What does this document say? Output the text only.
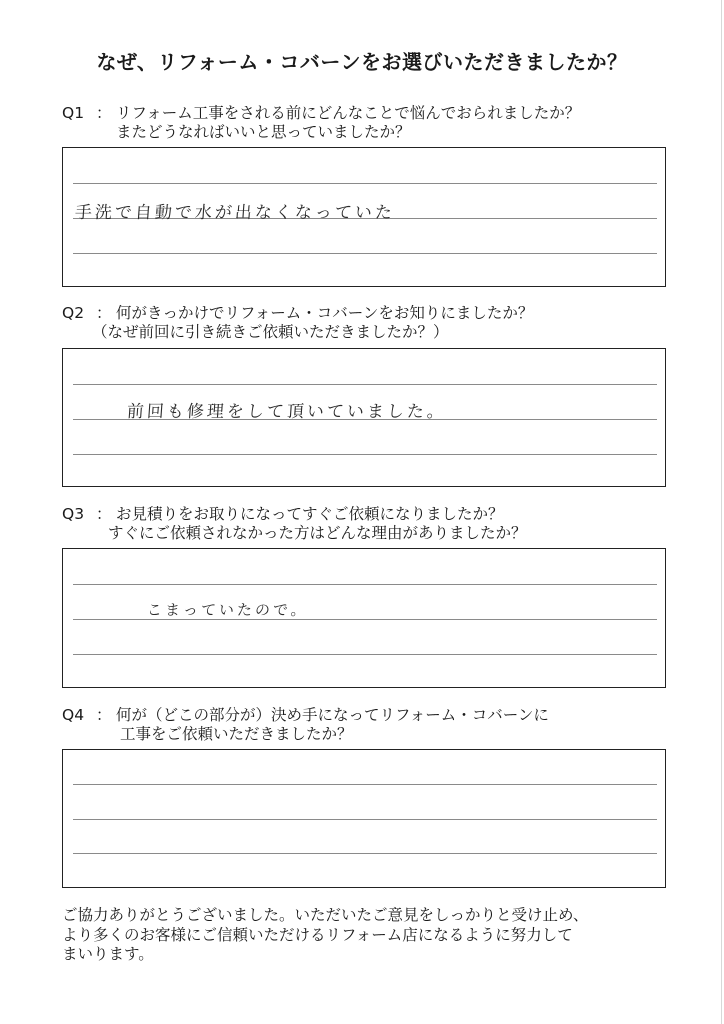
なぜ、リフォーム・コバーンをお選びいただきましたか？
Q1 ： リフォーム工事をされる前にどんなことで悩んでおられましたか？
またどうなればいいと思っていましたか？
手洗で自動で水が出なくなっていた
Q2 ： 何がきっかけでリフォーム・コバーンをお知りにましたか？
（なぜ前回に引き続きご依頼いただきましたか？）
前回も修理をして頂いていました。
Q3 ： お見積りをお取りになってすぐご依頼になりましたか？
すぐにご依頼されなかった方はどんな理由がありましたか？
こまっていたので。
Q4 ： 何が（どこの部分が）決め手になってリフォーム・コバーンに
工事をご依頼いただきましたか？
ご協力ありがとうございました。いただいたご意見をしっかりと受け止め、
より多くのお客様にご信頼いただけるリフォーム店になるように努力して
まいります。
